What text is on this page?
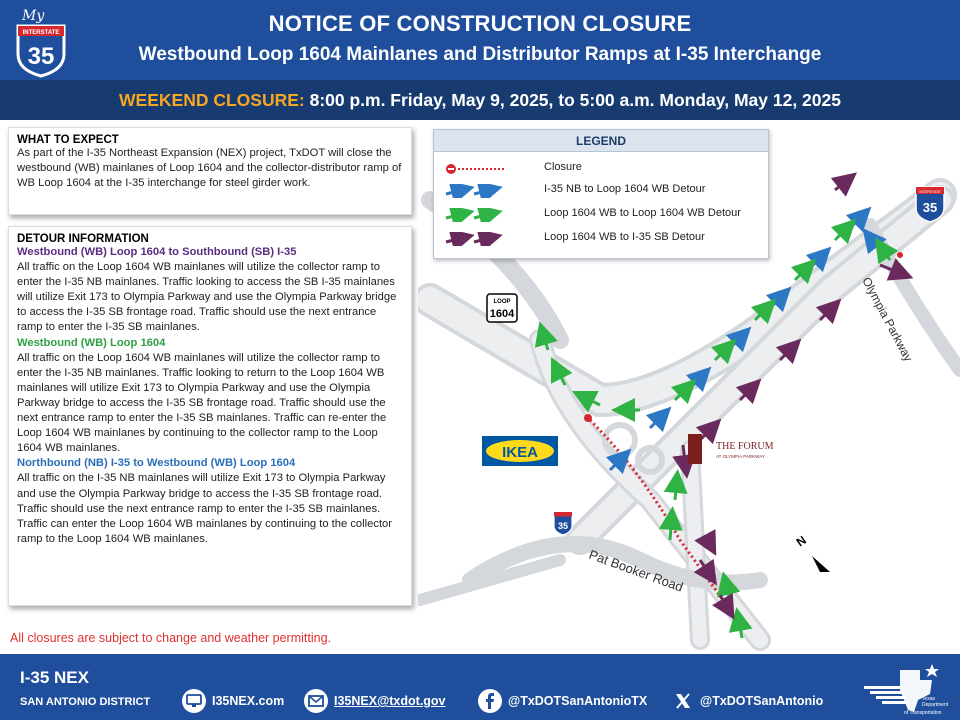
My
INTERSTATE
35
NOTICE OF CONSTRUCTION CLOSURE
Westbound Loop 1604 Mainlanes and Distributor Ramps at I-35 Interchange
WEEKEND CLOSURE: 8:00 p.m. Friday, May 9, 2025, to 5:00 a.m. Monday, May 12, 2025
WHAT TO EXPECT
As part of the I-35 Northeast Expansion (NEX) project, TxDOT will close the westbound (WB) mainlanes of Loop 1604 and the collector-distributor ramp of WB Loop 1604 at the I-35 interchange for steel girder work.
DETOUR INFORMATION
Westbound (WB) Loop 1604 to Southbound (SB) I-35
All traffic on the Loop 1604 WB mainlanes will utilize the collector ramp to enter the I-35 NB mainlanes. Traffic looking to access the SB I-35 mainlanes will utilize Exit 173 to Olympia Parkway and use the Olympia Parkway bridge to access the I-35 SB frontage road. Traffic should use the next entrance ramp to enter the I-35 SB mainlanes.
Westbound (WB) Loop 1604
All traffic on the Loop 1604 WB mainlanes will utilize the collector ramp to enter the I-35 NB mainlanes. Traffic looking to return to the Loop 1604 WB mainlanes will utilize Exit 173 to Olympia Parkway and use the Olympia Parkway bridge to access the I-35 SB frontage road. Traffic should use the next entrance ramp to enter the I-35 SB mainlanes. Traffic can re-enter the Loop 1604 WB mainlanes by continuing to the collector ramp to the Loop 1604 WB mainlanes.
Northbound (NB) I-35 to Westbound (WB) Loop 1604
All traffic on the I-35 NB mainlanes will utilize Exit 173 to Olympia Parkway and use the Olympia Parkway bridge to access the I-35 SB frontage road. Traffic should use the next entrance ramp to enter the I-35 SB mainlanes. Traffic can enter the Loop 1604 WB mainlanes by continuing to the collector ramp to the Loop 1604 WB mainlanes.
All closures are subject to change and weather permitting.
LOOP
1604
INTERSTATE
35
35
Olympia Parkway
Pat Booker Road
IKEA	THE FORUM
AT OLYMPIA PARKWAY
N
LEGEND
Closure
I-35 NB to Loop 1604 WB Detour
Loop 1604 WB to Loop 1604 WB Detour
Loop 1604 WB to I-35 SB Detour
I-35 NEX
SAN ANTONIO DISTRICT	I35NEX.com	I35NEX@txdot.gov	@TxDOTSanAntonioTX	@TxDOTSanAntonio	Texas
Department
of Transportation
